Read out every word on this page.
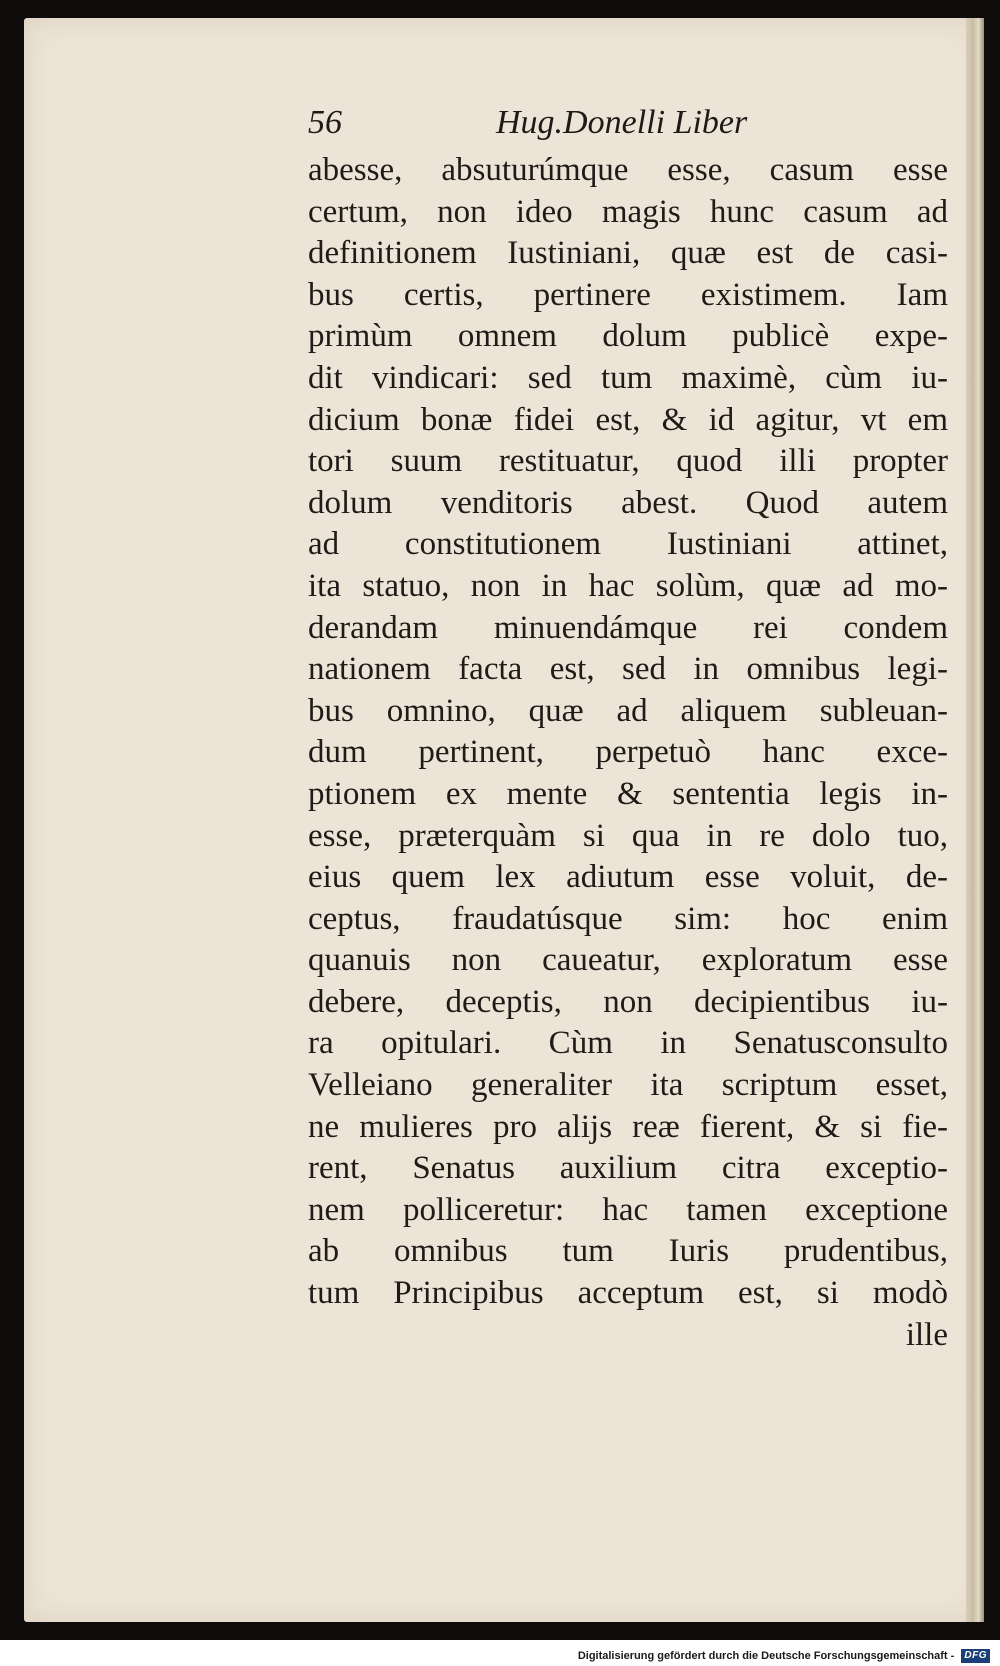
56	Hug.Donelli Liber
abesse, absuturúmque esse, casum esse
certum, non ideo magis hunc casum ad
definitionem Iustiniani, quæ est de casi-
bus certis, pertinere existimem. Iam
primùm omnem dolum publicè expe-
dit vindicari: sed tum maximè, cùm iu-
dicium bonæ fidei est, & id agitur, vt em
tori suum restituatur, quod illi propter
dolum venditoris abest. Quod autem
ad constitutionem Iustiniani attinet,
ita statuo, non in hac solùm, quæ ad mo-
derandam minuendámque rei condem
nationem facta est, sed in omnibus legi-
bus omnino, quæ ad aliquem subleuan-
dum pertinent, perpetuò hanc exce-
ptionem ex mente & sententia legis in-
esse, præterquàm si qua in re dolo tuo,
eius quem lex adiutum esse voluit, de-
ceptus, fraudatúsque sim: hoc enim
quanuis non caueatur, exploratum esse
debere, deceptis, non decipientibus iu-
ra opitulari. Cùm in Senatusconsulto
Velleiano generaliter ita scriptum esset,
ne mulieres pro alijs reæ fierent, & si fie-
rent, Senatus auxilium citra exceptio-
nem polliceretur: hac tamen exceptione
ab omnibus tum Iuris prudentibus,
tum Principibus acceptum est, si modò
ille
Digitalisierung gefördert durch die Deutsche Forschungsgemeinschaft - DFG
